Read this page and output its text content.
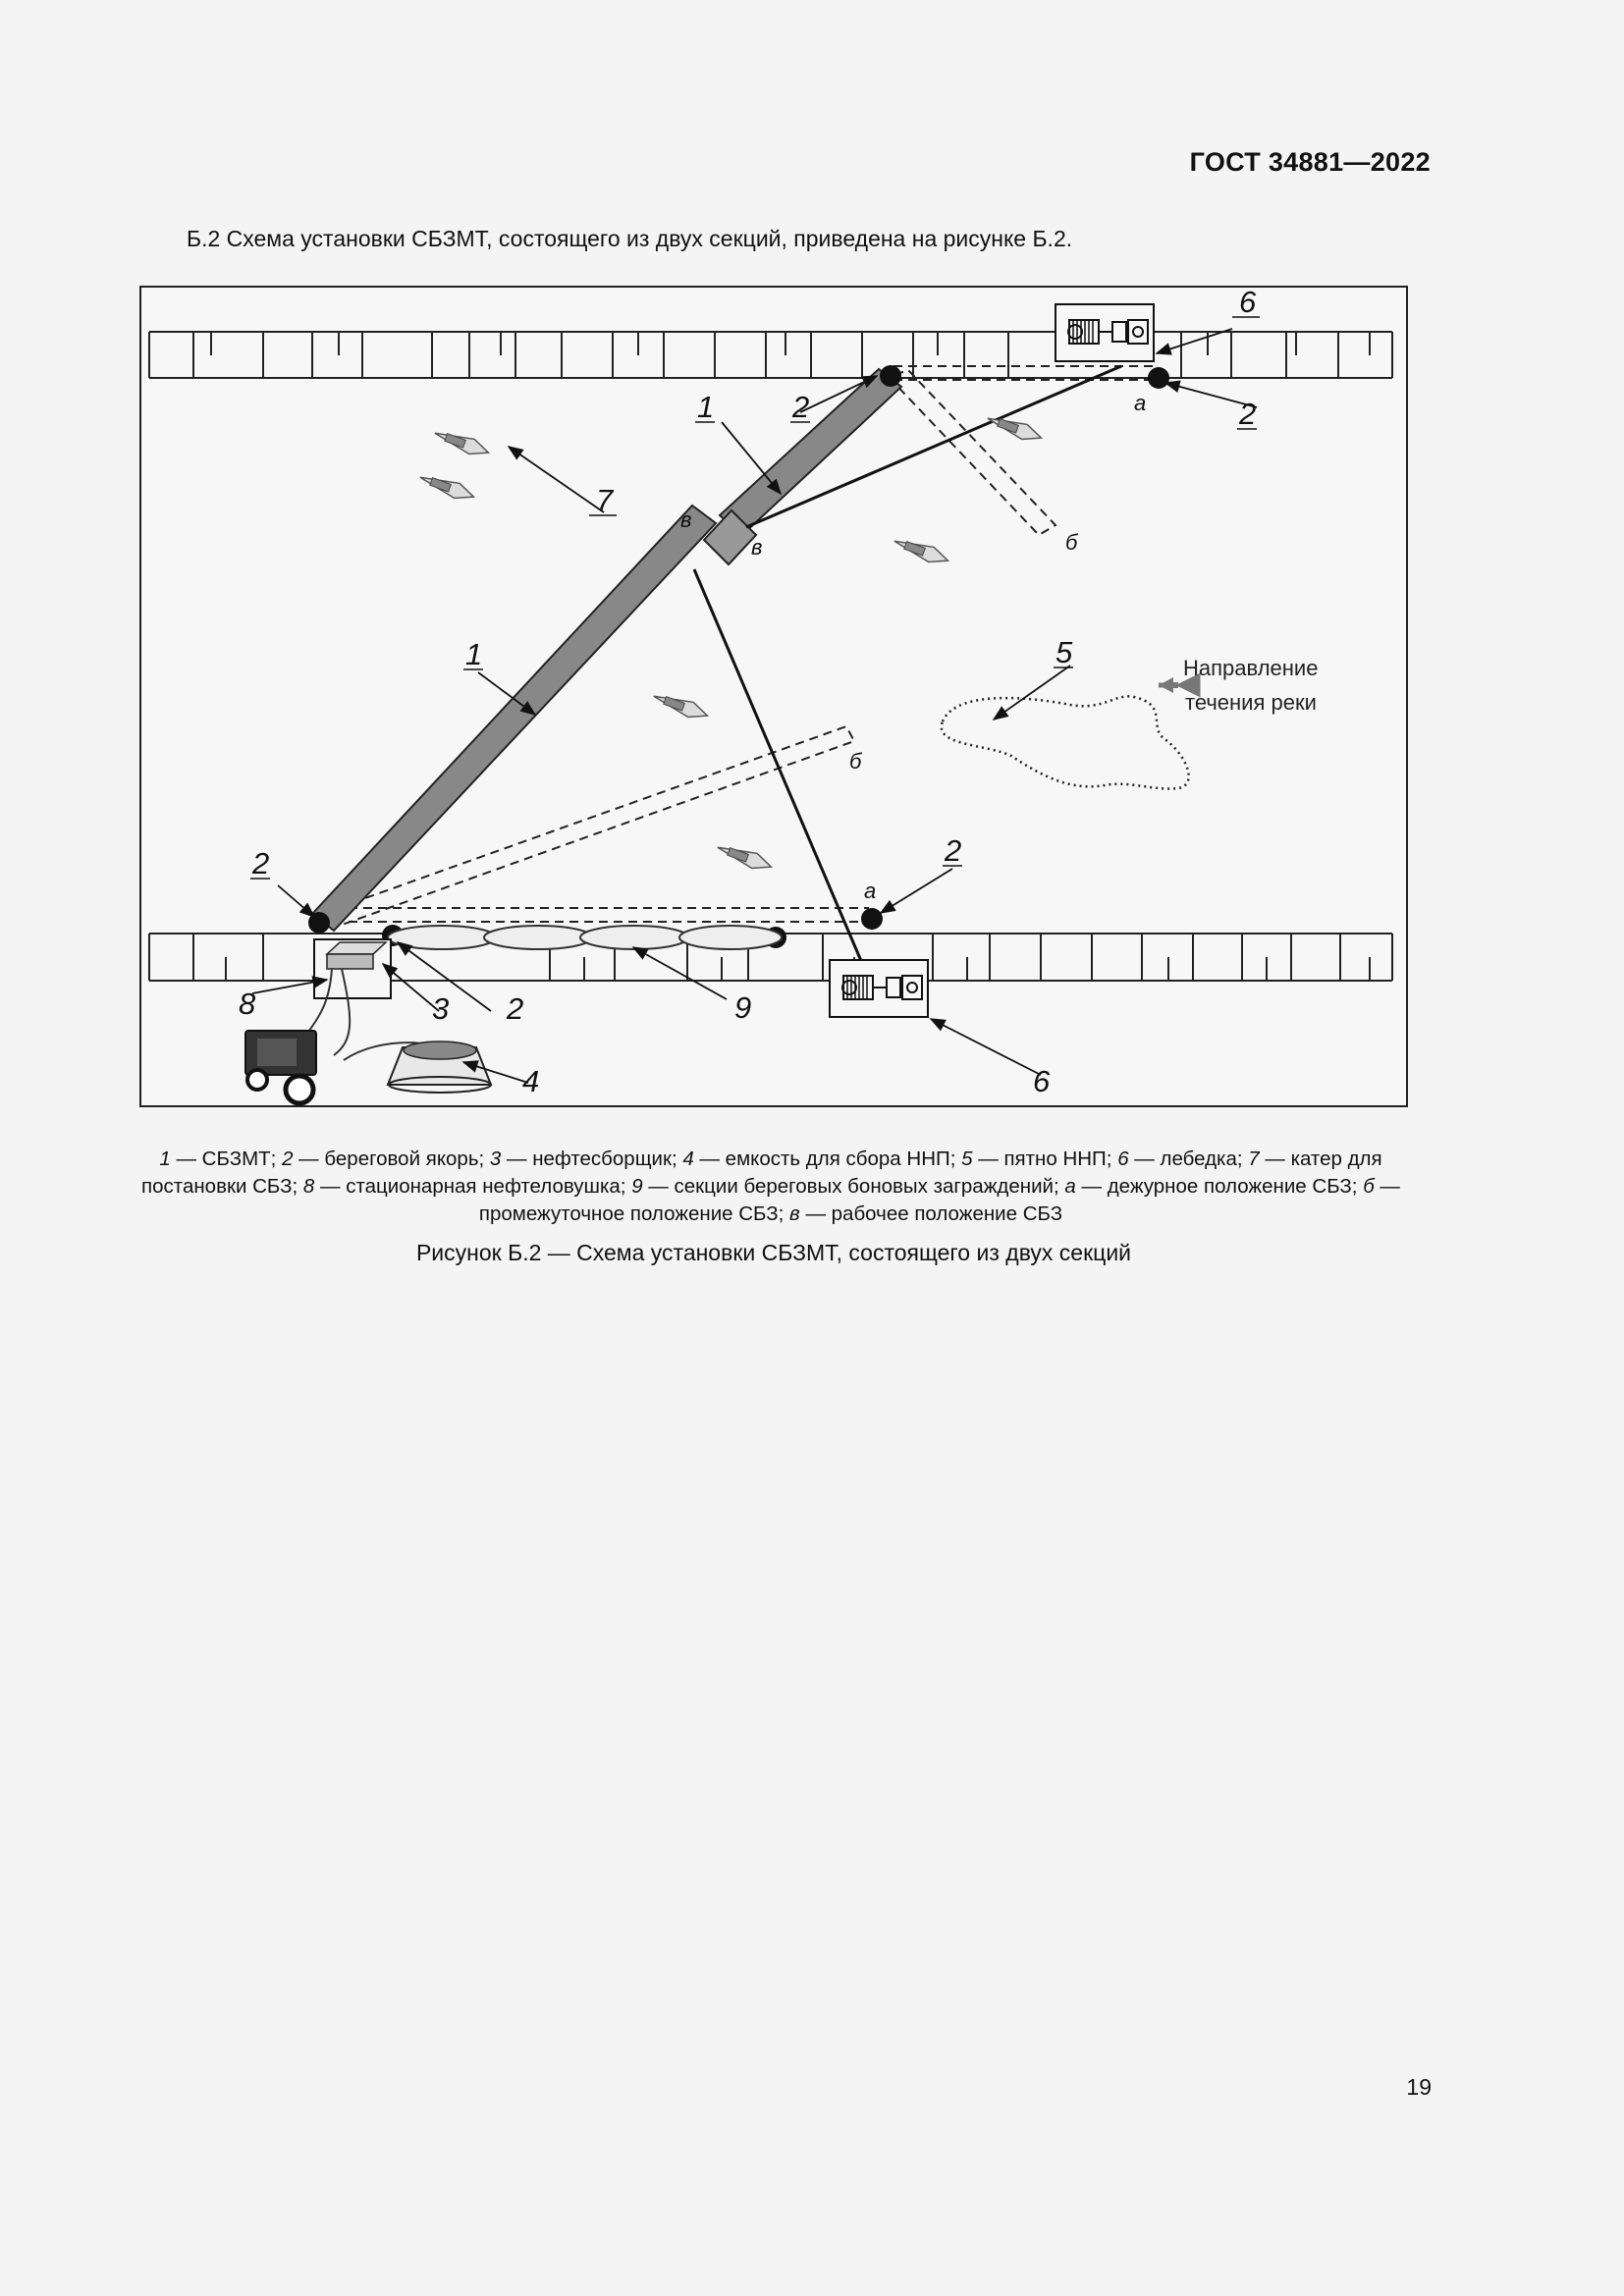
ГОСТ 34881—2022
Б.2 Схема установки СБЗМТ, состоящего из двух секций, приведена на рисунке Б.2.
1
1
2	2
2	2
2
3
4
5
6
6
7
8	9
а
а
б
б
в
в
Направление
течения реки
1 — СБЗМТ; 2 — береговой якорь; 3 — нефтесборщик; 4 — емкость для сбора ННП; 5 — пятно ННП; 6 — лебедка; 7 — катер для постановки СБЗ; 8 — стационарная нефтеловушка; 9 — секции береговых боновых заграждений; а — дежурное положение СБЗ; б — промежуточное положение СБЗ; в — рабочее положение СБЗ
Рисунок Б.2 — Схема установки СБЗМТ, состоящего из двух секций
19
